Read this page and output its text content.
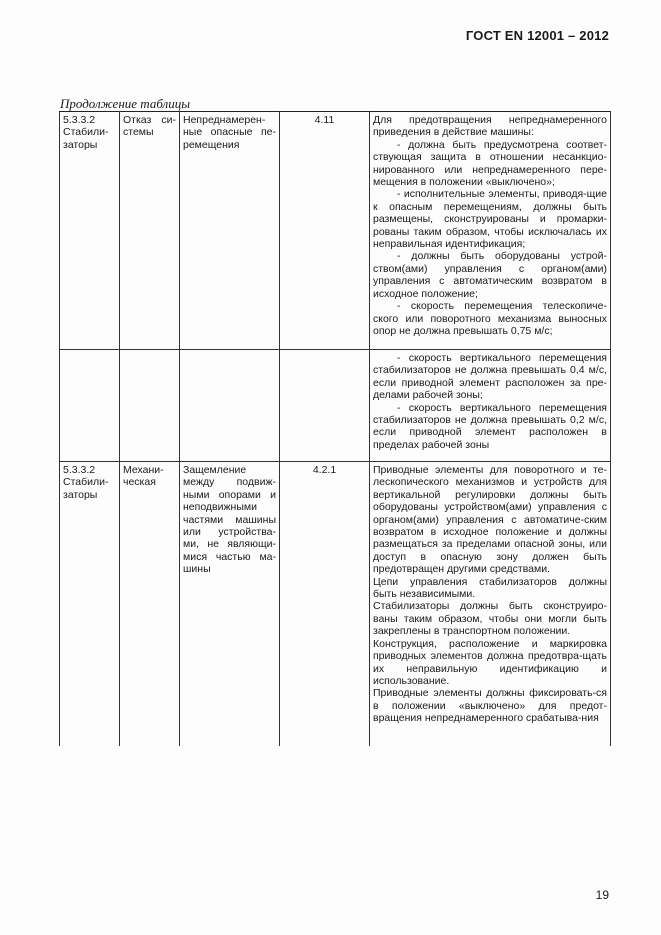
ГОСТ EN 12001 – 2012
Продолжение таблицы
5.3.3.2 Стабили-заторы	Отказ си-стемы	Непреднамерен-ные опасные пе-ремещения	4.11	Для предотвращения непреднамеренного приведения в действие машины:

- должна быть предусмотрена соответ-ствующая защита в отношении несанкцио-нированного или непреднамеренного пере-мещения в положении «выключено»;

- исполнительные элементы, приводя-щие к опасным перемещениям, должны быть размещены, сконструированы и промарки-рованы таким образом, чтобы исключалась их неправильная идентификация;

- должны быть оборудованы устрой-ством(ами) управления с органом(ами) управления с автоматическим возвратом в исходное положение;

- скорость перемещения телескопиче-ского или поворотного механизма выносных опор не должна превышать 0,75 м/с;

				- скорость вертикального перемещения стабилизаторов не должна превышать 0,4 м/с, если приводной элемент расположен за пре-делами рабочей зоны;

- скорость вертикального перемещения стабилизаторов не должна превышать 0,2 м/с, если приводной элемент расположен в пределах рабочей зоны

5.3.3.2 Стабили-заторы	Механи-ческая	Защемление между подвиж-ными опорами и неподвижными частями машины или устройства-ми, не являющи-мися частью ма-шины	4.2.1	Приводные элементы для поворотного и те-лескопического механизмов и устройств для вертикальной регулировки должны быть оборудованы устройством(ами) управления с органом(ами) управления с автоматиче-ским возвратом в исходное положение и должны размещаться за пределами опасной зоны, или доступ в опасную зону должен быть предотвращен другими средствами.

Цепи управления стабилизаторов должны быть независимыми.

Стабилизаторы должны быть сконструиро-ваны таким образом, чтобы они могли быть закреплены в транспортном положении.

Конструкция, расположение и маркировка приводных элементов должна предотвра-щать их неправильную идентификацию и использование.

Приводные элементы должны фиксировать-ся в положении «выключено» для предот-вращения непреднамеренного срабатыва-ния

19
